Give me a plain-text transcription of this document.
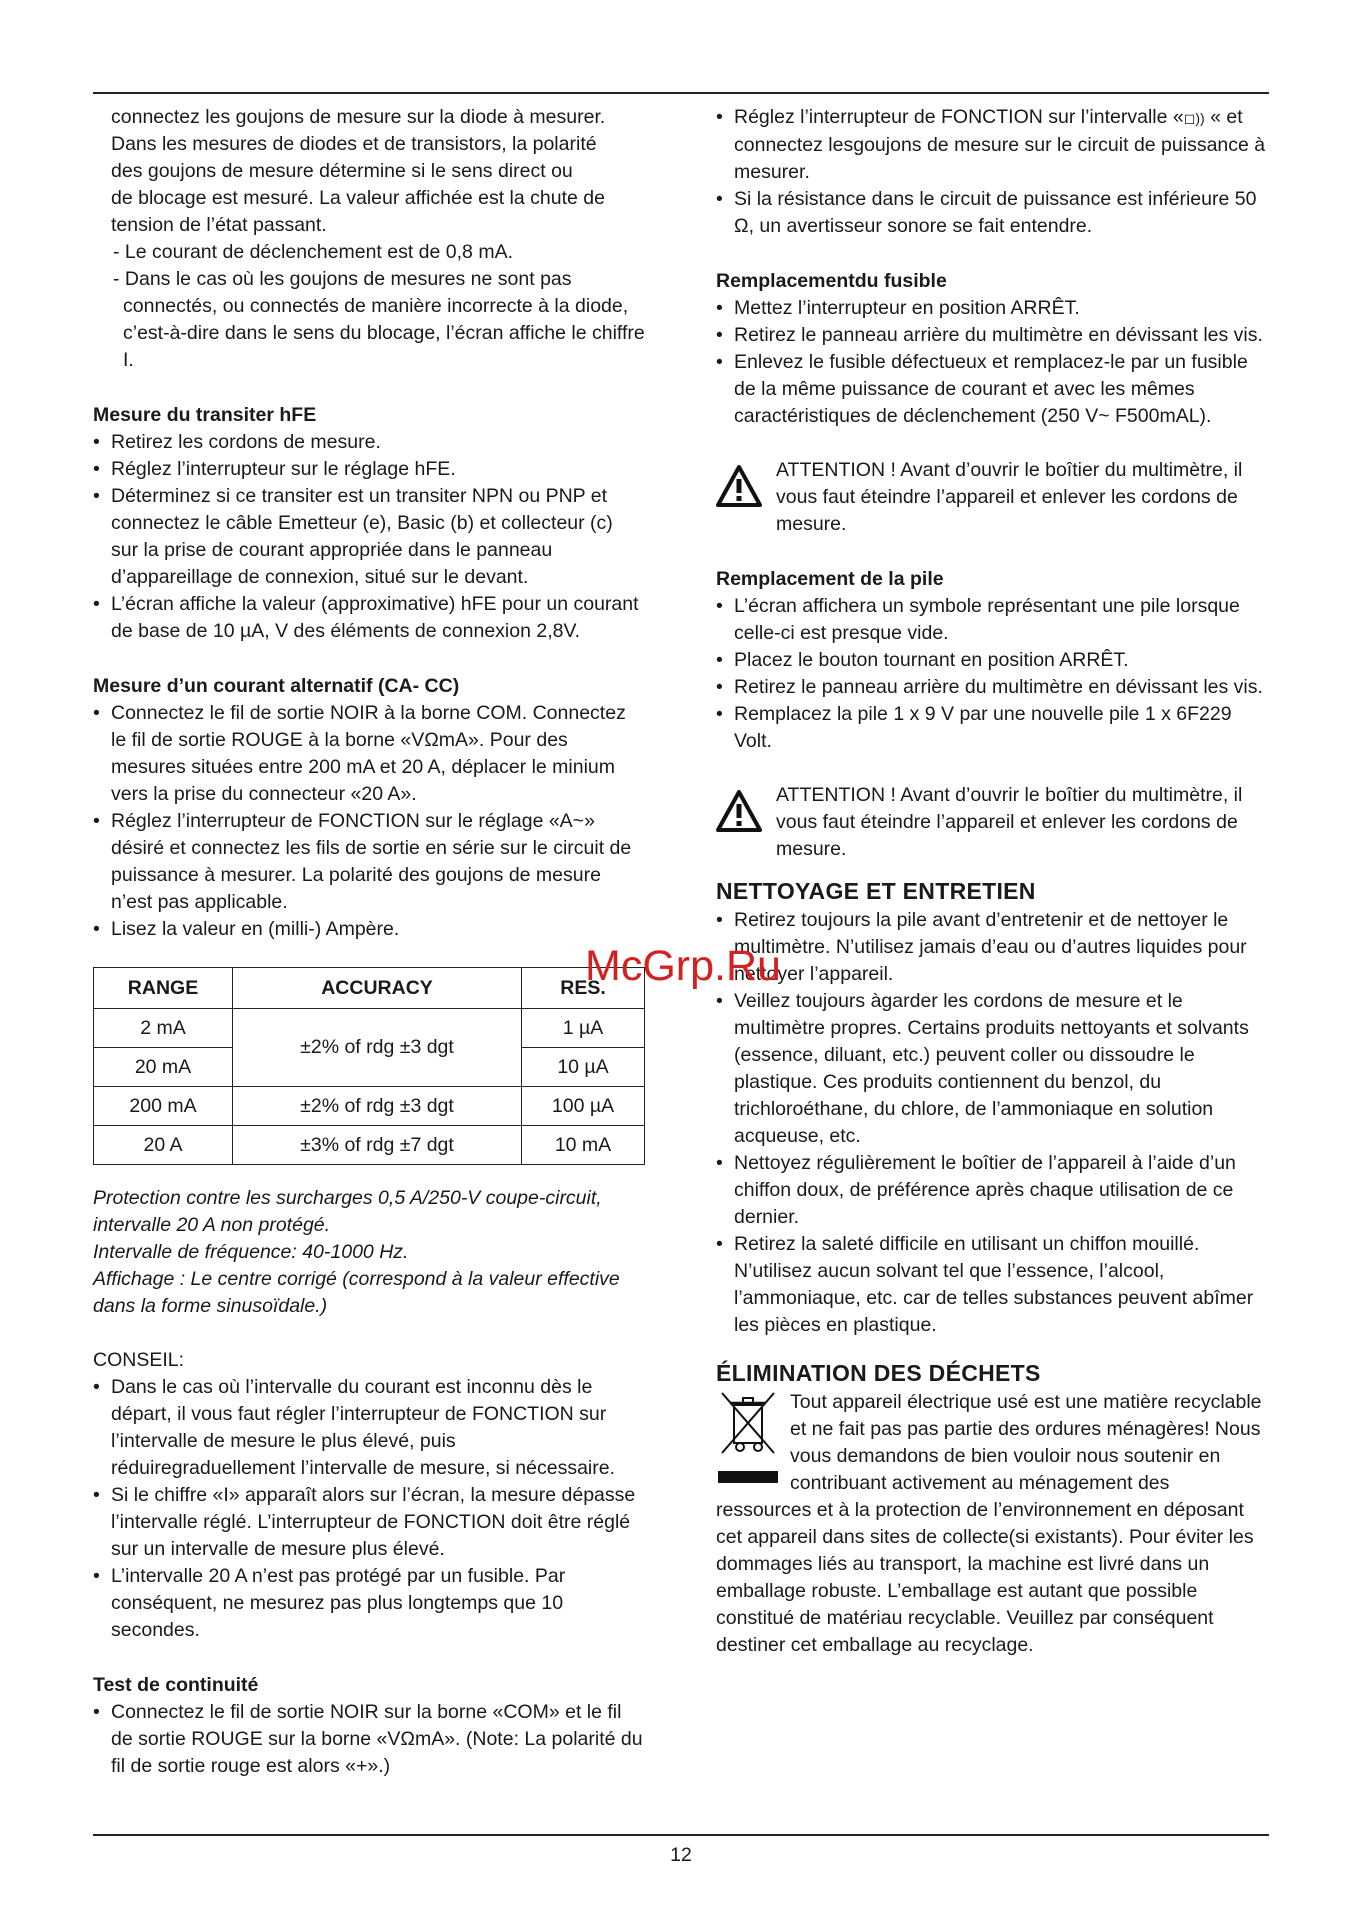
connectez les goujons de mesure sur la diode à mesurer.

Dans les mesures de diodes et de transistors, la polarité

des goujons de mesure détermine si le sens direct ou

de blocage est mesuré. La valeur affichée est la chute de

tension de l’état passant.

- Le courant de déclenchement est de 0,8 mA.

- Dans le cas où les goujons de mesures ne sont pas connectés, ou connectés de manière incorrecte à la diode, c’est-à-dire dans le sens du blocage, l’écran affiche le chiffre I.

Mesure du transiter hFE
• Retirez les cordons de mesure.
• Réglez l’interrupteur sur le réglage hFE.
• Déterminez si ce transiter est un transiter NPN ou PNP et connectez le câble Emetteur (e), Basic (b) et collecteur (c) sur la prise de courant appropriée dans le panneau d’appareillage de connexion, situé sur le devant.
• L’écran affiche la valeur (approximative) hFE pour un courant de base de 10 µA, V des éléments de connexion 2,8V.
Mesure d’un courant alternatif (CA- CC)
• Connectez le fil de sortie NOIR à la borne COM. Connectez le fil de sortie ROUGE à la borne «VΩmA». Pour des mesures situées entre 200 mA et 20 A, déplacer le minium vers la prise du connecteur «20 A».
• Réglez l’interrupteur de FONCTION sur le réglage «A~» désiré et connectez les fils de sortie en série sur le circuit de puissance à mesurer. La polarité des goujons de mesure n’est pas applicable.
• Lisez la valeur en (milli-) Ampère.
RANGE	ACCURACY	RES.
2 mA	±2% of rdg ±3 dgt	1 µA
20 mA		10 µA
200 mA	±2% of rdg ±3 dgt	100 µA
20 A	±3% of rdg ±7 dgt	10 mA

Protection contre les surcharges 0,5 A/250-V coupe-circuit, intervalle 20 A non protégé.

Intervalle de fréquence: 40-1000 Hz.

Affichage : Le centre corrigé (correspond à la valeur effective dans la forme sinusoïdale.)

CONSEIL:

• Dans le cas où l’intervalle du courant est inconnu dès le départ, il vous faut régler l’interrupteur de FONCTION sur l’intervalle de mesure le plus élevé, puis réduiregraduellement l’intervalle de mesure, si nécessaire.
• Si le chiffre «I» apparaît alors sur l’écran, la mesure dépasse l’intervalle réglé. L’interrupteur de FONCTION doit être réglé sur un intervalle de mesure plus élevé.
• L’intervalle 20 A n’est pas protégé par un fusible. Par conséquent, ne mesurez pas plus longtemps que 10 secondes.
Test de continuité
• Connectez le fil de sortie NOIR sur la borne «COM» et le fil de sortie ROUGE sur la borne «VΩmA». (Note: La polarité du fil de sortie rouge est alors «+».)
• Réglez l’interrupteur de FONCTION sur l’intervalle «◻)) « et connectez lesgoujons de mesure sur le circuit de puissance à mesurer.
• Si la résistance dans le circuit de puissance est inférieure 50 Ω, un avertisseur sonore se fait entendre.
Remplacementdu fusible
• Mettez l’interrupteur en position ARRÊT.
• Retirez le panneau arrière du multimètre en dévissant les vis.
• Enlevez le fusible défectueux et remplacez-le par un fusible de la même puissance de courant et avec les mêmes caractéristiques de déclenchement (250 V~ F500mAL).

ATTENTION ! Avant d’ouvrir le boîtier du multimètre, il vous faut éteindre l’appareil et enlever les cordons de mesure.

Remplacement de la pile
• L’écran affichera un symbole représentant une pile lorsque celle-ci est presque vide.
• Placez le bouton tournant en position ARRÊT.
• Retirez le panneau arrière du multimètre en dévissant les vis.
• Remplacez la pile 1 x 9 V par une nouvelle pile 1 x 6F229 Volt.

ATTENTION ! Avant d’ouvrir le boîtier du multimètre, il vous faut éteindre l’appareil et enlever les cordons de mesure.

NETTOYAGE ET ENTRETIEN
• Retirez toujours la pile avant d’entretenir et de nettoyer le multimètre. N’utilisez jamais d’eau ou d’autres liquides pour nettoyer l’appareil.
• Veillez toujours àgarder les cordons de mesure et le multimètre propres. Certains produits nettoyants et solvants (essence, diluant, etc.) peuvent coller ou dissoudre le plastique. Ces produits contiennent du benzol, du trichloroéthane, du chlore, de l’ammoniaque en solution acqueuse, etc.
• Nettoyez régulièrement le boîtier de l’appareil à l’aide d’un chiffon doux, de préférence après chaque utilisation de ce dernier.
• Retirez la saleté difficile en utilisant un chiffon mouillé. N’utilisez aucun solvant tel que l’essence, l’alcool, l’ammoniaque, etc. car de telles substances peuvent abîmer les pièces en plastique.
ÉLIMINATION DES DÉCHETS

Tout appareil électrique usé est une matière recyclable et ne fait pas pas partie des ordures ménagères! Nous vous demandons de bien vouloir nous soutenir en contribuant activement au ménagement des ressources et à la protection de l’environnement en déposant cet appareil dans sites de collecte(si existants). Pour éviter les dommages liés au transport, la machine est livré dans un emballage robuste. L’emballage est autant que possible constitué de matériau recyclable. Veuillez par conséquent destiner cet emballage au recyclage.

McGrp.Ru
12
